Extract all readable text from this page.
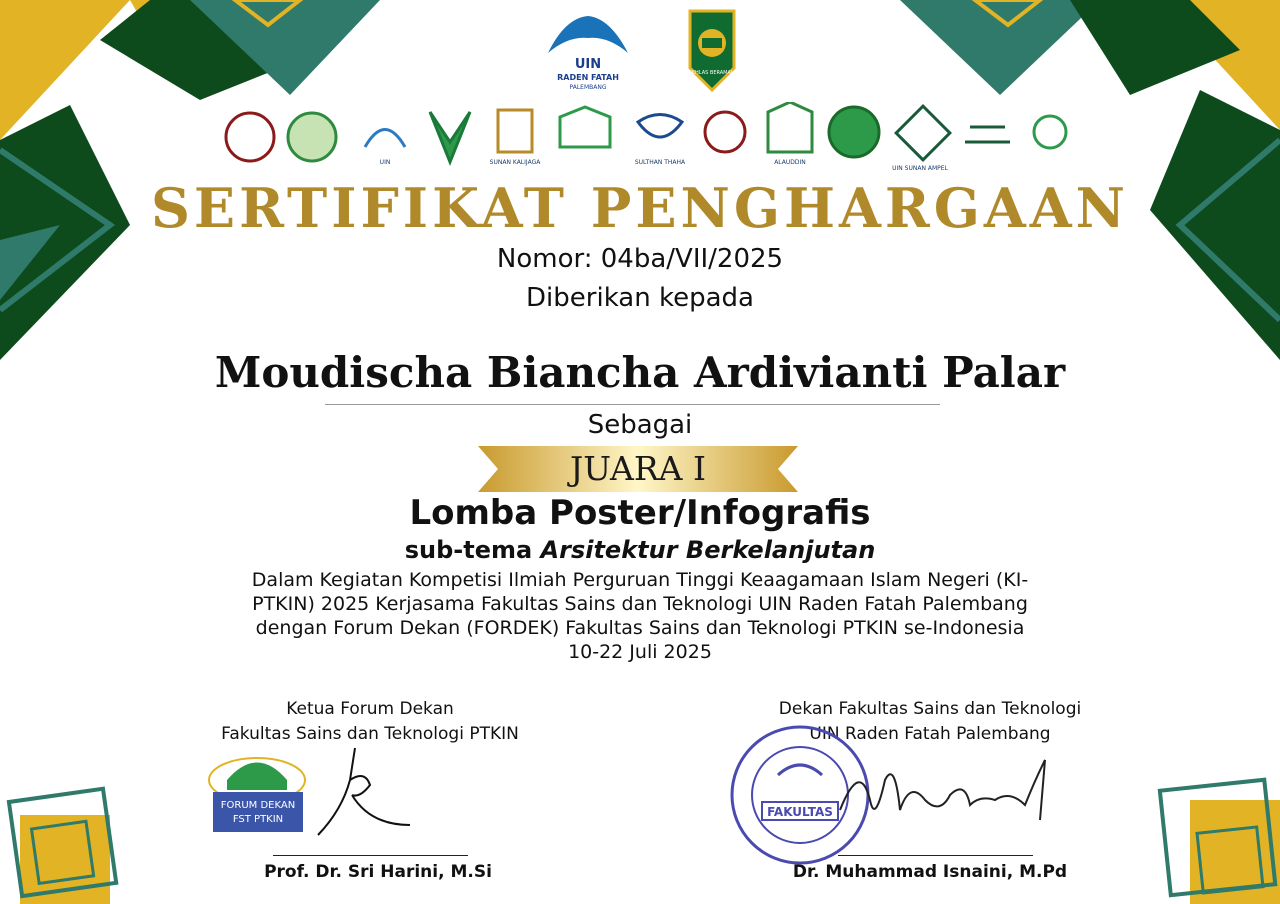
UIN
RADEN FATAH
PALEMBANG
IKHLAS BERAMAL
UIN	SUNAN KALIJAGA	SULTHAN THAHA	ALAUDDIN
UIN SUNAN AMPEL
SERTIFIKAT PENGHARGAAN
Nomor: 04ba/VII/2025
Diberikan kepada
Moudischa Biancha Ardivianti Palar
Sebagai
JUARA I
Lomba Poster/Infografis
sub-tema Arsitektur Berkelanjutan
Dalam Kegiatan Kompetisi Ilmiah Perguruan Tinggi Keaagamaan Islam Negeri (KI-
PTKIN) 2025 Kerjasama Fakultas Sains dan Teknologi UIN Raden Fatah Palembang
dengan Forum Dekan (FORDEK) Fakultas Sains dan Teknologi PTKIN se-Indonesia
10-22 Juli 2025
Ketua Forum Dekan
Fakultas Sains dan Teknologi PTKIN
FORUM DEKAN
FST PTKIN
Prof. Dr. Sri Harini, M.Si
Dekan Fakultas Sains dan Teknologi
UIN Raden Fatah Palembang
FAKULTAS
Dr. Muhammad Isnaini, M.Pd
